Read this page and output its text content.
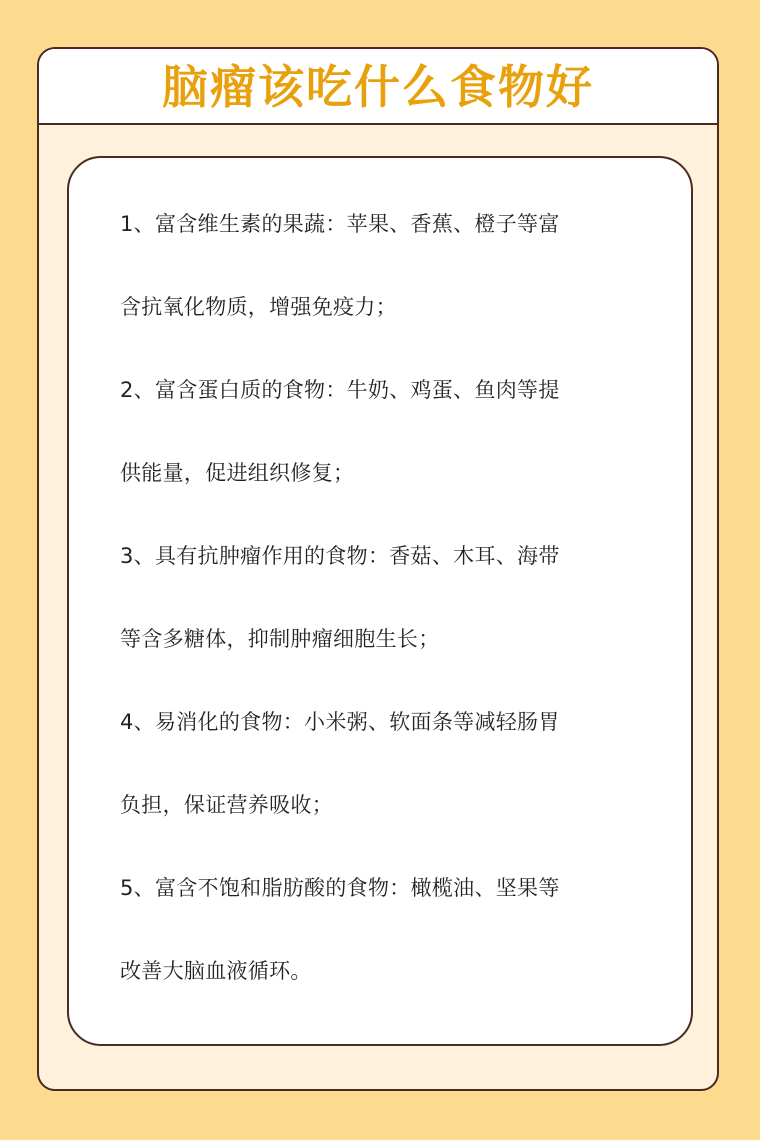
脑瘤该吃什么食物好
1、富含维生素的果蔬：苹果、香蕉、橙子等富
含抗氧化物质，增强免疫力；
2、富含蛋白质的食物：牛奶、鸡蛋、鱼肉等提
供能量，促进组织修复；
3、具有抗肿瘤作用的食物：香菇、木耳、海带
等含多糖体，抑制肿瘤细胞生长；
4、易消化的食物：小米粥、软面条等减轻肠胃
负担，保证营养吸收；
5、富含不饱和脂肪酸的食物：橄榄油、坚果等
改善大脑血液循环。
